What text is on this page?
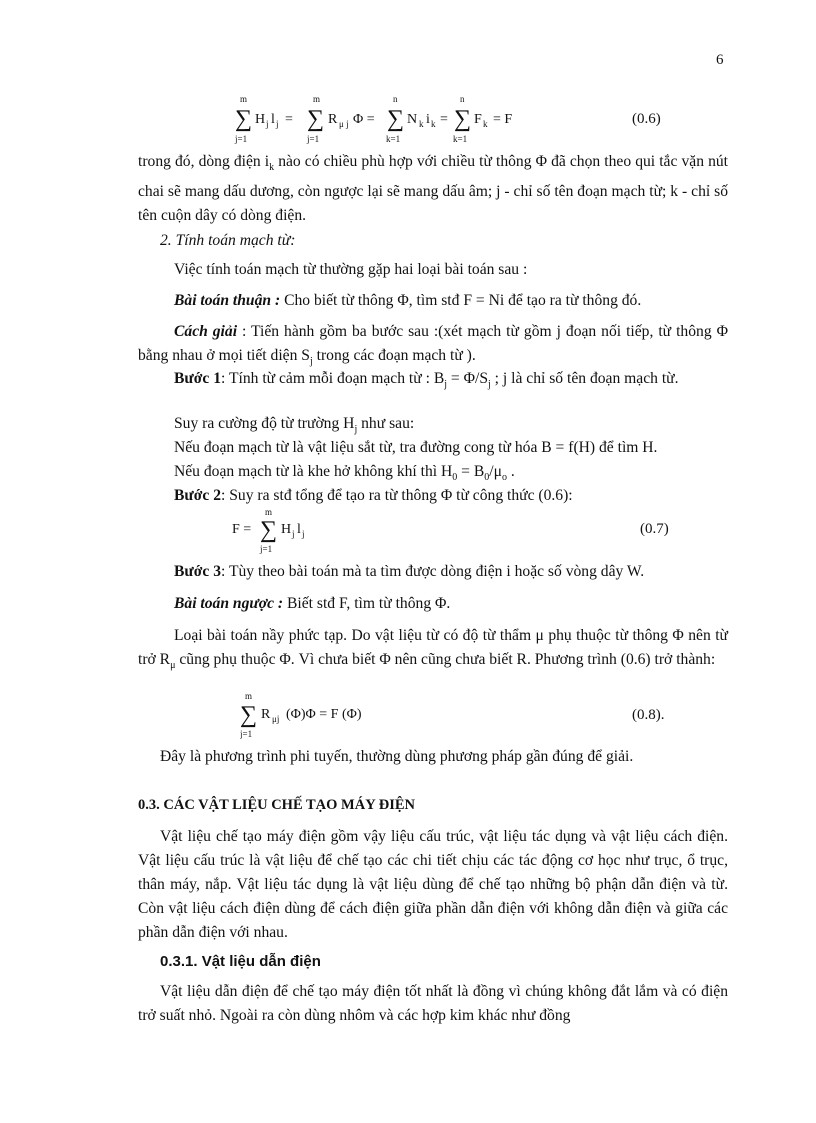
6
m
∑
j=1
H j l j =
m
∑
j=1
R μ j Φ =
n
∑
k=1
N k i k =
n
∑
k=1
F k = F	(0.6)
trong đó, dòng điện $i_k$ nào có chiều phù hợp với chiều từ thông Φ đã chọn theo qui tắc vặn nút chai sẽ mang dấu dương, còn ngược lại sẽ mang dấu âm; j - chỉ số tên đoạn mạch từ; k - chỉ số tên cuộn dây có dòng điện.
2. Tính toán mạch từ:
Việc tính toán mạch từ thường gặp hai loại bài toán sau :
Bài toán thuận : Cho biết từ thông Φ, tìm stđ F = Ni để tạo ra từ thông đó.
Cách giải : Tiến hành gồm ba bước sau :(xét mạch từ gồm j đoạn nối tiếp, từ thông Φ bằng nhau ở mọi tiết diện $S_j$ trong các đoạn mạch từ ).
Bước 1: Tính từ cảm mỗi đoạn mạch từ : $B_j = \Phi/S_j$ ; j là chỉ số tên đoạn mạch từ.
Suy ra cường độ từ trường $H_j$ như sau:
Nếu đoạn mạch từ là vật liệu sắt từ, tra đường cong từ hóa B = f(H) để tìm H.
Nếu đoạn mạch từ là khe hở không khí thì $H_0 = B_0/\mu_o$ .
Bước 2: Suy ra stđ tổng để tạo ra từ thông Φ từ công thức (0.6):
F =
m
∑
j=1
H j l j	(0.7)
Bước 3: Tùy theo bài toán mà ta tìm được dòng điện i hoặc số vòng dây W.
Bài toán ngược : Biết stđ F, tìm từ thông Φ.
Loại bài toán nầy phức tạp. Do vật liệu từ có độ từ thẩm μ phụ thuộc từ thông Φ nên từ trở $R_\mu$ cũng phụ thuộc Φ. Vì chưa biết Φ nên cũng chưa biết R. Phương trình (0.6) trở thành:
m
∑
j=1
R μj (Φ)Φ = F (Φ)	(0.8).
Đây là phương trình phi tuyến, thường dùng phương pháp gần đúng để giải.
0.3. CÁC VẬT LIỆU CHẾ TẠO MÁY ĐIỆN
Vật liệu chế tạo máy điện gồm vậy liệu cấu trúc, vật liệu tác dụng và vật liệu cách điện. Vật liệu cấu trúc là vật liệu để chế tạo các chi tiết chịu các tác động cơ học như trục, ổ trục, thân máy, nắp. Vật liệu tác dụng là vật liệu dùng để chế tạo những bộ phận dẫn điện và từ. Còn vật liệu cách điện dùng để cách điện giữa phần dẫn điện với không dẫn điện và giữa các phần dẫn điện với nhau.
0.3.1. Vật liệu dẫn điện
Vật liệu dẫn điện để chế tạo máy điện tốt nhất là đồng vì chúng không đắt lắm và có điện trở suất nhỏ. Ngoài ra còn dùng nhôm và các hợp kim khác như đồng
